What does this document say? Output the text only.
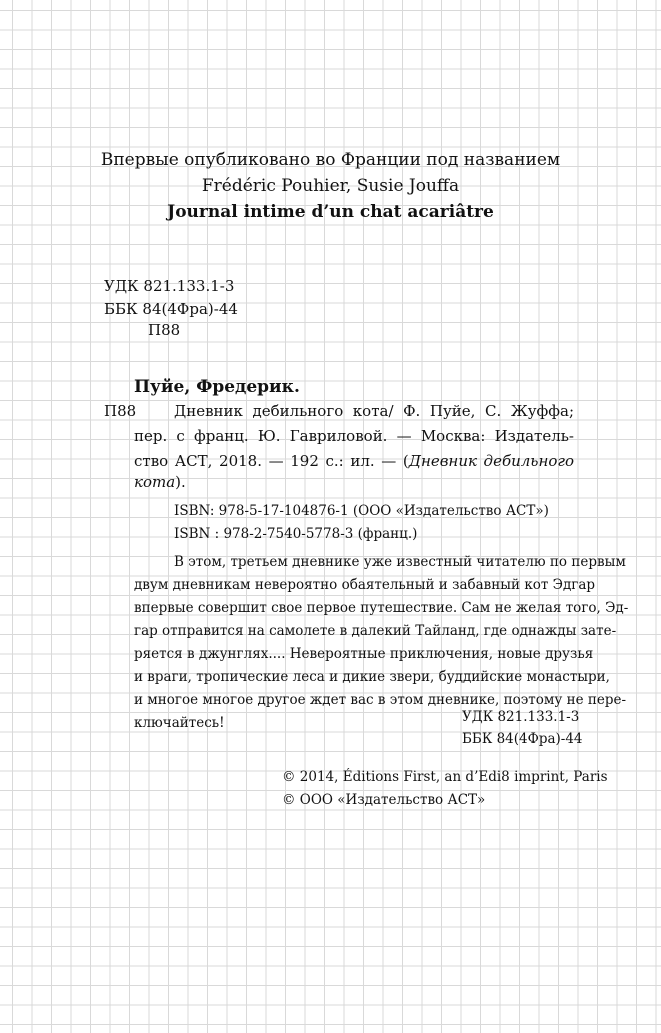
Впервые опубликовано во Франции под названием
Frédéric Pouhier, Susie Jouffa
Journal intime d’un chat acariâtre
УДК 821.133.1-3
ББК 84(4Фра)-44
П88
Пуйе, Фредерик.
П88	Дневник дебильного кота/ Ф. Пуйе, С. Жуффа;
пер. с франц. Ю. Гавриловой. — Москва: Издатель-
ство АСТ, 2018. — 192 с.: ил. — (Дневник дебильного
кота).
ISBN: 978-5-17-104876-1 (ООО «Издательство АСТ»)
ISBN : 978-2-7540-5778-3 (франц.)
В этом, третьем дневнике уже известный читателю по первым
двум дневникам невероятно обаятельный и забавный кот Эдгар
впервые совершит свое первое путешествие. Сам не желая того, Эд-
гар отправится на самолете в далекий Тайланд, где однажды зате-
ряется в джунглях.... Невероятные приключения, новые друзья
и враги, тропические леса и дикие звери, буддийские монастыри,
и многое многое другое ждет вас в этом дневнике, поэтому не пере-
ключайтесь!	УДК 821.133.1-3
ББК 84(4Фра)-44
© 2014, Éditions First, an d’Edi8 imprint, Paris
© ООО «Издательство АСТ»
